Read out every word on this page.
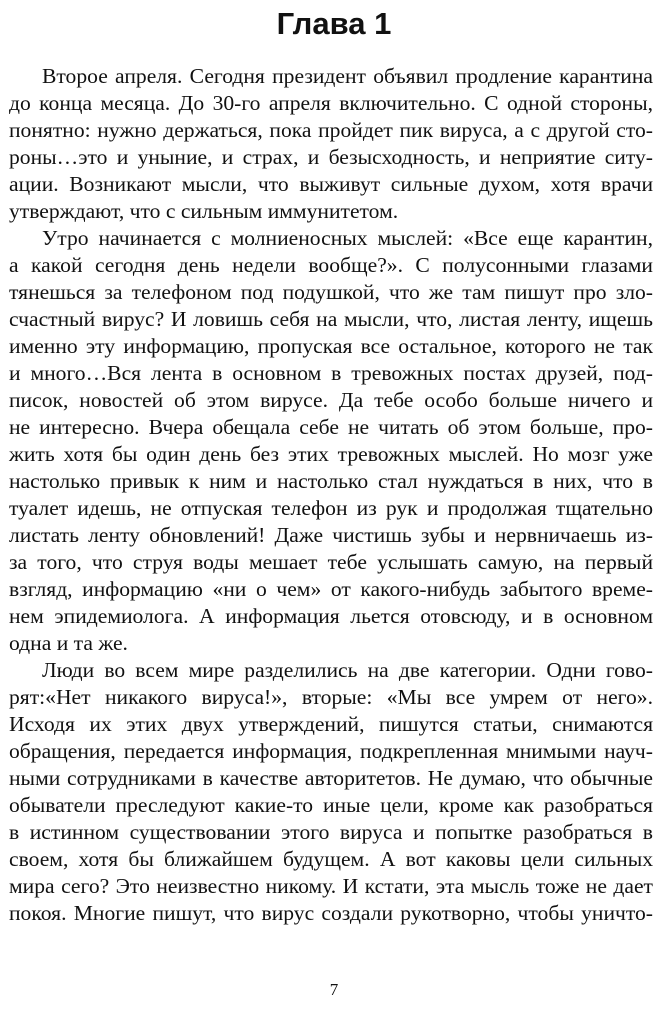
Глава 1
Второе апреля. Сегодня президент объявил продление карантина
до конца месяца. До 30-го апреля включительно. С одной стороны,
понятно: нужно держаться, пока пройдет пик вируса, а с другой сто-
роны…это и уныние, и страх, и безысходность, и неприятие ситу-
ации. Возникают мысли, что выживут сильные духом, хотя врачи
утверждают, что с сильным иммунитетом.
Утро начинается с молниеносных мыслей: «Все еще карантин,
а какой сегодня день недели вообще?». С полусонными глазами
тянешься за телефоном под подушкой, что же там пишут про зло-
счастный вирус? И ловишь себя на мысли, что, листая ленту, ищешь
именно эту информацию, пропуская все остальное, которого не так
и много…Вся лента в основном в тревожных постах друзей, под-
писок, новостей об этом вирусе. Да тебе особо больше ничего и
не интересно. Вчера обещала себе не читать об этом больше, про-
жить хотя бы один день без этих тревожных мыслей. Но мозг уже
настолько привык к ним и настолько стал нуждаться в них, что в
туалет идешь, не отпуская телефон из рук и продолжая тщательно
листать ленту обновлений! Даже чистишь зубы и нервничаешь из-
за того, что струя воды мешает тебе услышать самую, на первый
взгляд, информацию «ни о чем» от какого-нибудь забытого време-
нем эпидемиолога. А информация льется отовсюду, и в основном
одна и та же.
Люди во всем мире разделились на две категории. Одни гово-
рят:«Нет никакого вируса!», вторые: «Мы все умрем от него».
Исходя их этих двух утверждений, пишутся статьи, снимаются
обращения, передается информация, подкрепленная мнимыми науч-
ными сотрудниками в качестве авторитетов. Не думаю, что обычные
обыватели преследуют какие-то иные цели, кроме как разобраться
в истинном существовании этого вируса и попытке разобраться в
своем, хотя бы ближайшем будущем. А вот каковы цели сильных
мира сего? Это неизвестно никому. И кстати, эта мысль тоже не дает
покоя. Многие пишут, что вирус создали рукотворно, чтобы уничто-
7
